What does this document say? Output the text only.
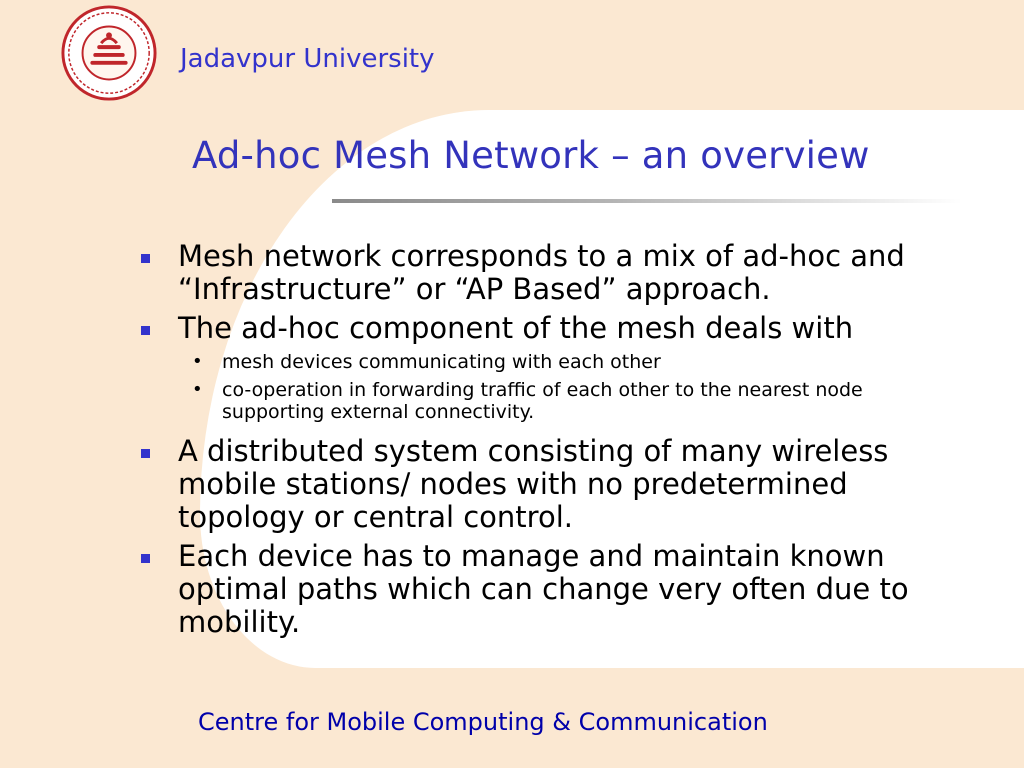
Jadavpur University

Ad-hoc Mesh Network – an overview
Mesh network corresponds to a mix of ad-hoc and “Infrastructure” or “AP Based” approach.
The ad-hoc component of the mesh deals with
• mesh devices communicating with each other
• co-operation in forwarding traffic of each other to the nearest node supporting external connectivity.
A distributed system consisting of many wireless mobile stations/ nodes with no predetermined topology or central control.
Each device has to manage and maintain known optimal paths which can change very often due to mobility.

Centre for Mobile Computing & Communication
